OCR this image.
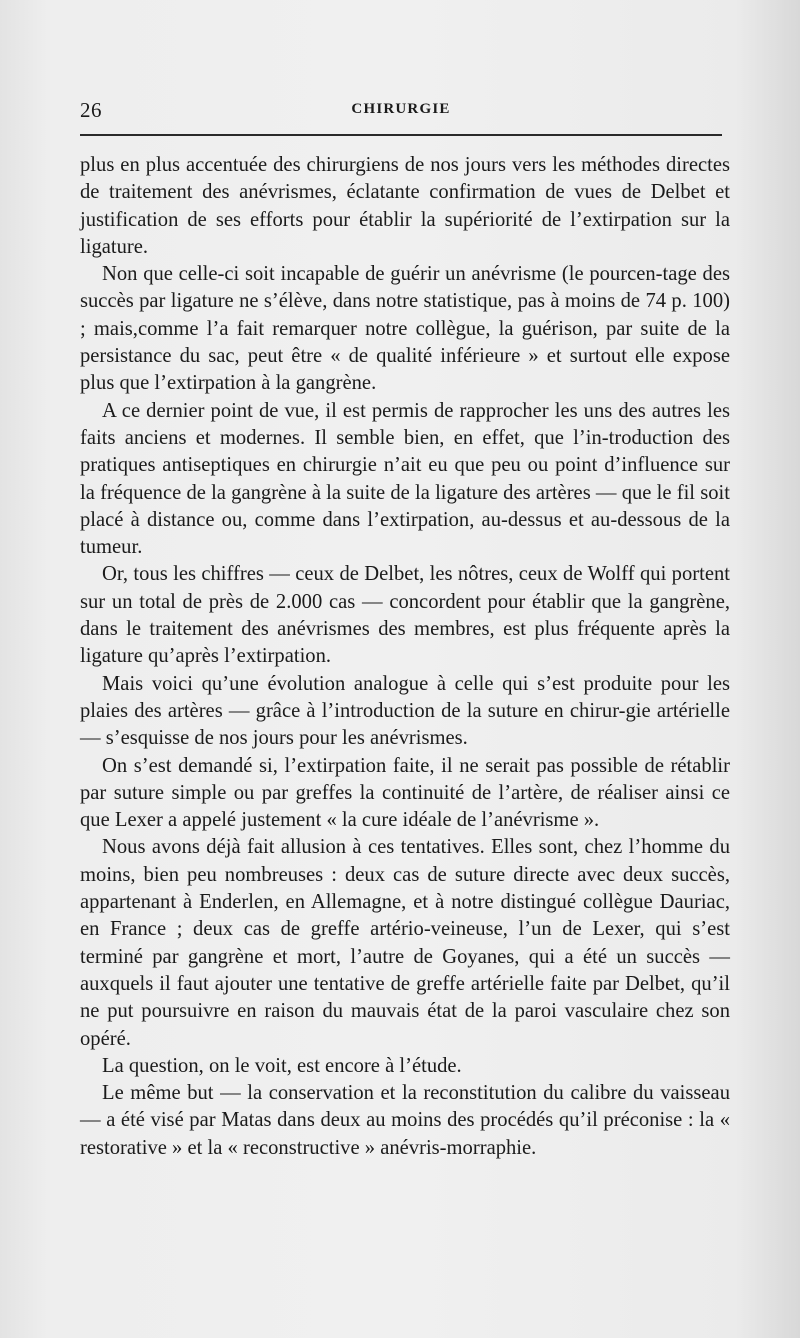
26	CHIRURGIE

plus en plus accentuée des chirurgiens de nos jours vers les méthodes directes de traitement des anévrismes, éclatante confirmation de vues de Delbet et justification de ses efforts pour établir la supériorité de l’extirpation sur la ligature.

Non que celle-ci soit incapable de guérir un anévrisme (le pourcen-tage des succès par ligature ne s’élève, dans notre statistique, pas à moins de 74 p. 100) ; mais,comme l’a fait remarquer notre collègue, la guérison, par suite de la persistance du sac, peut être « de qualité inférieure » et surtout elle expose plus que l’extirpation à la gangrène.

A ce dernier point de vue, il est permis de rapprocher les uns des autres les faits anciens et modernes. Il semble bien, en effet, que l’in-troduction des pratiques antiseptiques en chirurgie n’ait eu que peu ou point d’influence sur la fréquence de la gangrène à la suite de la ligature des artères — que le fil soit placé à distance ou, comme dans l’extirpation, au-dessus et au-dessous de la tumeur.

Or, tous les chiffres — ceux de Delbet, les nôtres, ceux de Wolff qui portent sur un total de près de 2.000 cas — concordent pour établir que la gangrène, dans le traitement des anévrismes des membres, est plus fréquente après la ligature qu’après l’extirpation.

Mais voici qu’une évolution analogue à celle qui s’est produite pour les plaies des artères — grâce à l’introduction de la suture en chirur-gie artérielle — s’esquisse de nos jours pour les anévrismes.

On s’est demandé si, l’extirpation faite, il ne serait pas possible de rétablir par suture simple ou par greffes la continuité de l’artère, de réaliser ainsi ce que Lexer a appelé justement « la cure idéale de l’anévrisme ».

Nous avons déjà fait allusion à ces tentatives. Elles sont, chez l’homme du moins, bien peu nombreuses : deux cas de suture directe avec deux succès, appartenant à Enderlen, en Allemagne, et à notre distingué collègue Dauriac, en France ; deux cas de greffe artério-veineuse, l’un de Lexer, qui s’est terminé par gangrène et mort, l’autre de Goyanes, qui a été un succès — auxquels il faut ajouter une tentative de greffe artérielle faite par Delbet, qu’il ne put poursuivre en raison du mauvais état de la paroi vasculaire chez son opéré.

La question, on le voit, est encore à l’étude.

Le même but — la conservation et la reconstitution du calibre du vaisseau — a été visé par Matas dans deux au moins des procédés qu’il préconise : la « restorative » et la « reconstructive » anévris-morraphie.
